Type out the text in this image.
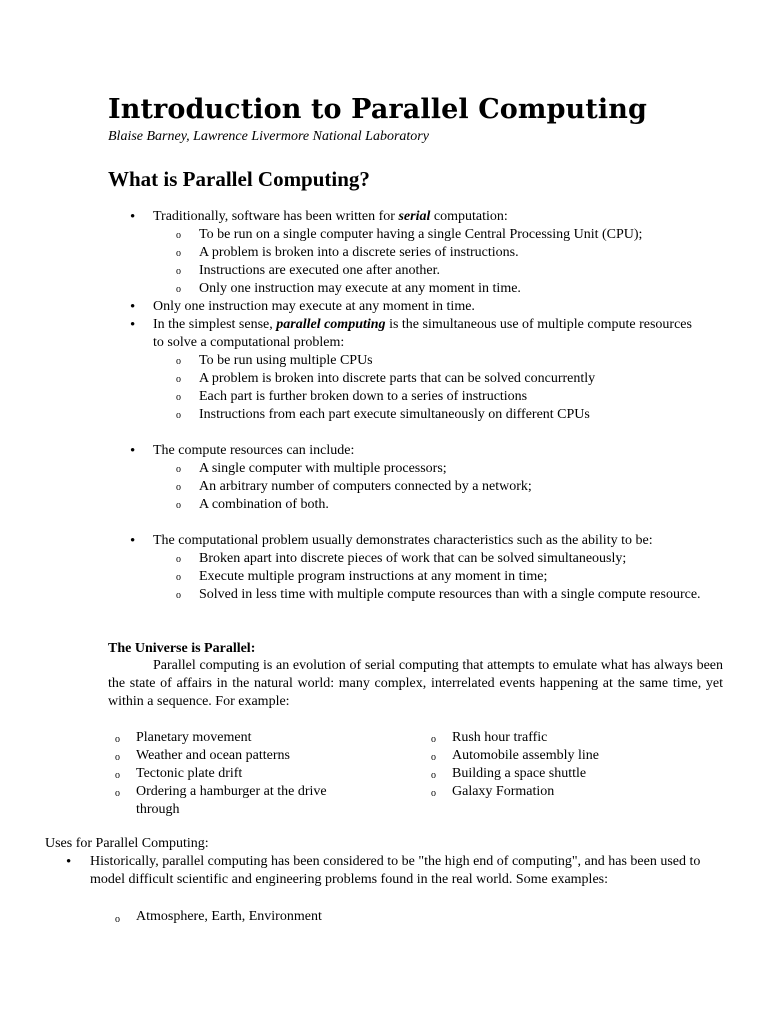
Introduction to Parallel Computing
Blaise Barney, Lawrence Livermore National Laboratory
What is Parallel Computing?
• Traditionally, software has been written for serial computation:
o To be run on a single computer having a single Central Processing Unit (CPU);
o A problem is broken into a discrete series of instructions.
o Instructions are executed one after another.
o Only one instruction may execute at any moment in time.
• Only one instruction may execute at any moment in time.
• In the simplest sense, parallel computing is the simultaneous use of multiple compute resources
to solve a computational problem:
o To be run using multiple CPUs
o A problem is broken into discrete parts that can be solved concurrently
o Each part is further broken down to a series of instructions
o Instructions from each part execute simultaneously on different CPUs
• The compute resources can include:
o A single computer with multiple processors;
o An arbitrary number of computers connected by a network;
o A combination of both.
• The computational problem usually demonstrates characteristics such as the ability to be:
o Broken apart into discrete pieces of work that can be solved simultaneously;
o Execute multiple program instructions at any moment in time;
o Solved in less time with multiple compute resources than with a single compute resource.
The Universe is Parallel:
Parallel computing is an evolution of serial computing that attempts to emulate what has always been the state of affairs in the natural world: many complex, interrelated events happening at the same time, yet within a sequence. For example:
o Planetary movement
o Weather and ocean patterns
o Tectonic plate drift
o Ordering a hamburger at the drive through
o Rush hour traffic
o Automobile assembly line
o Building a space shuttle
o Galaxy Formation
Uses for Parallel Computing:
• Historically, parallel computing has been considered to be "the high end of computing", and has been used to model difficult scientific and engineering problems found in the real world. Some examples:
o Atmosphere, Earth, Environment
